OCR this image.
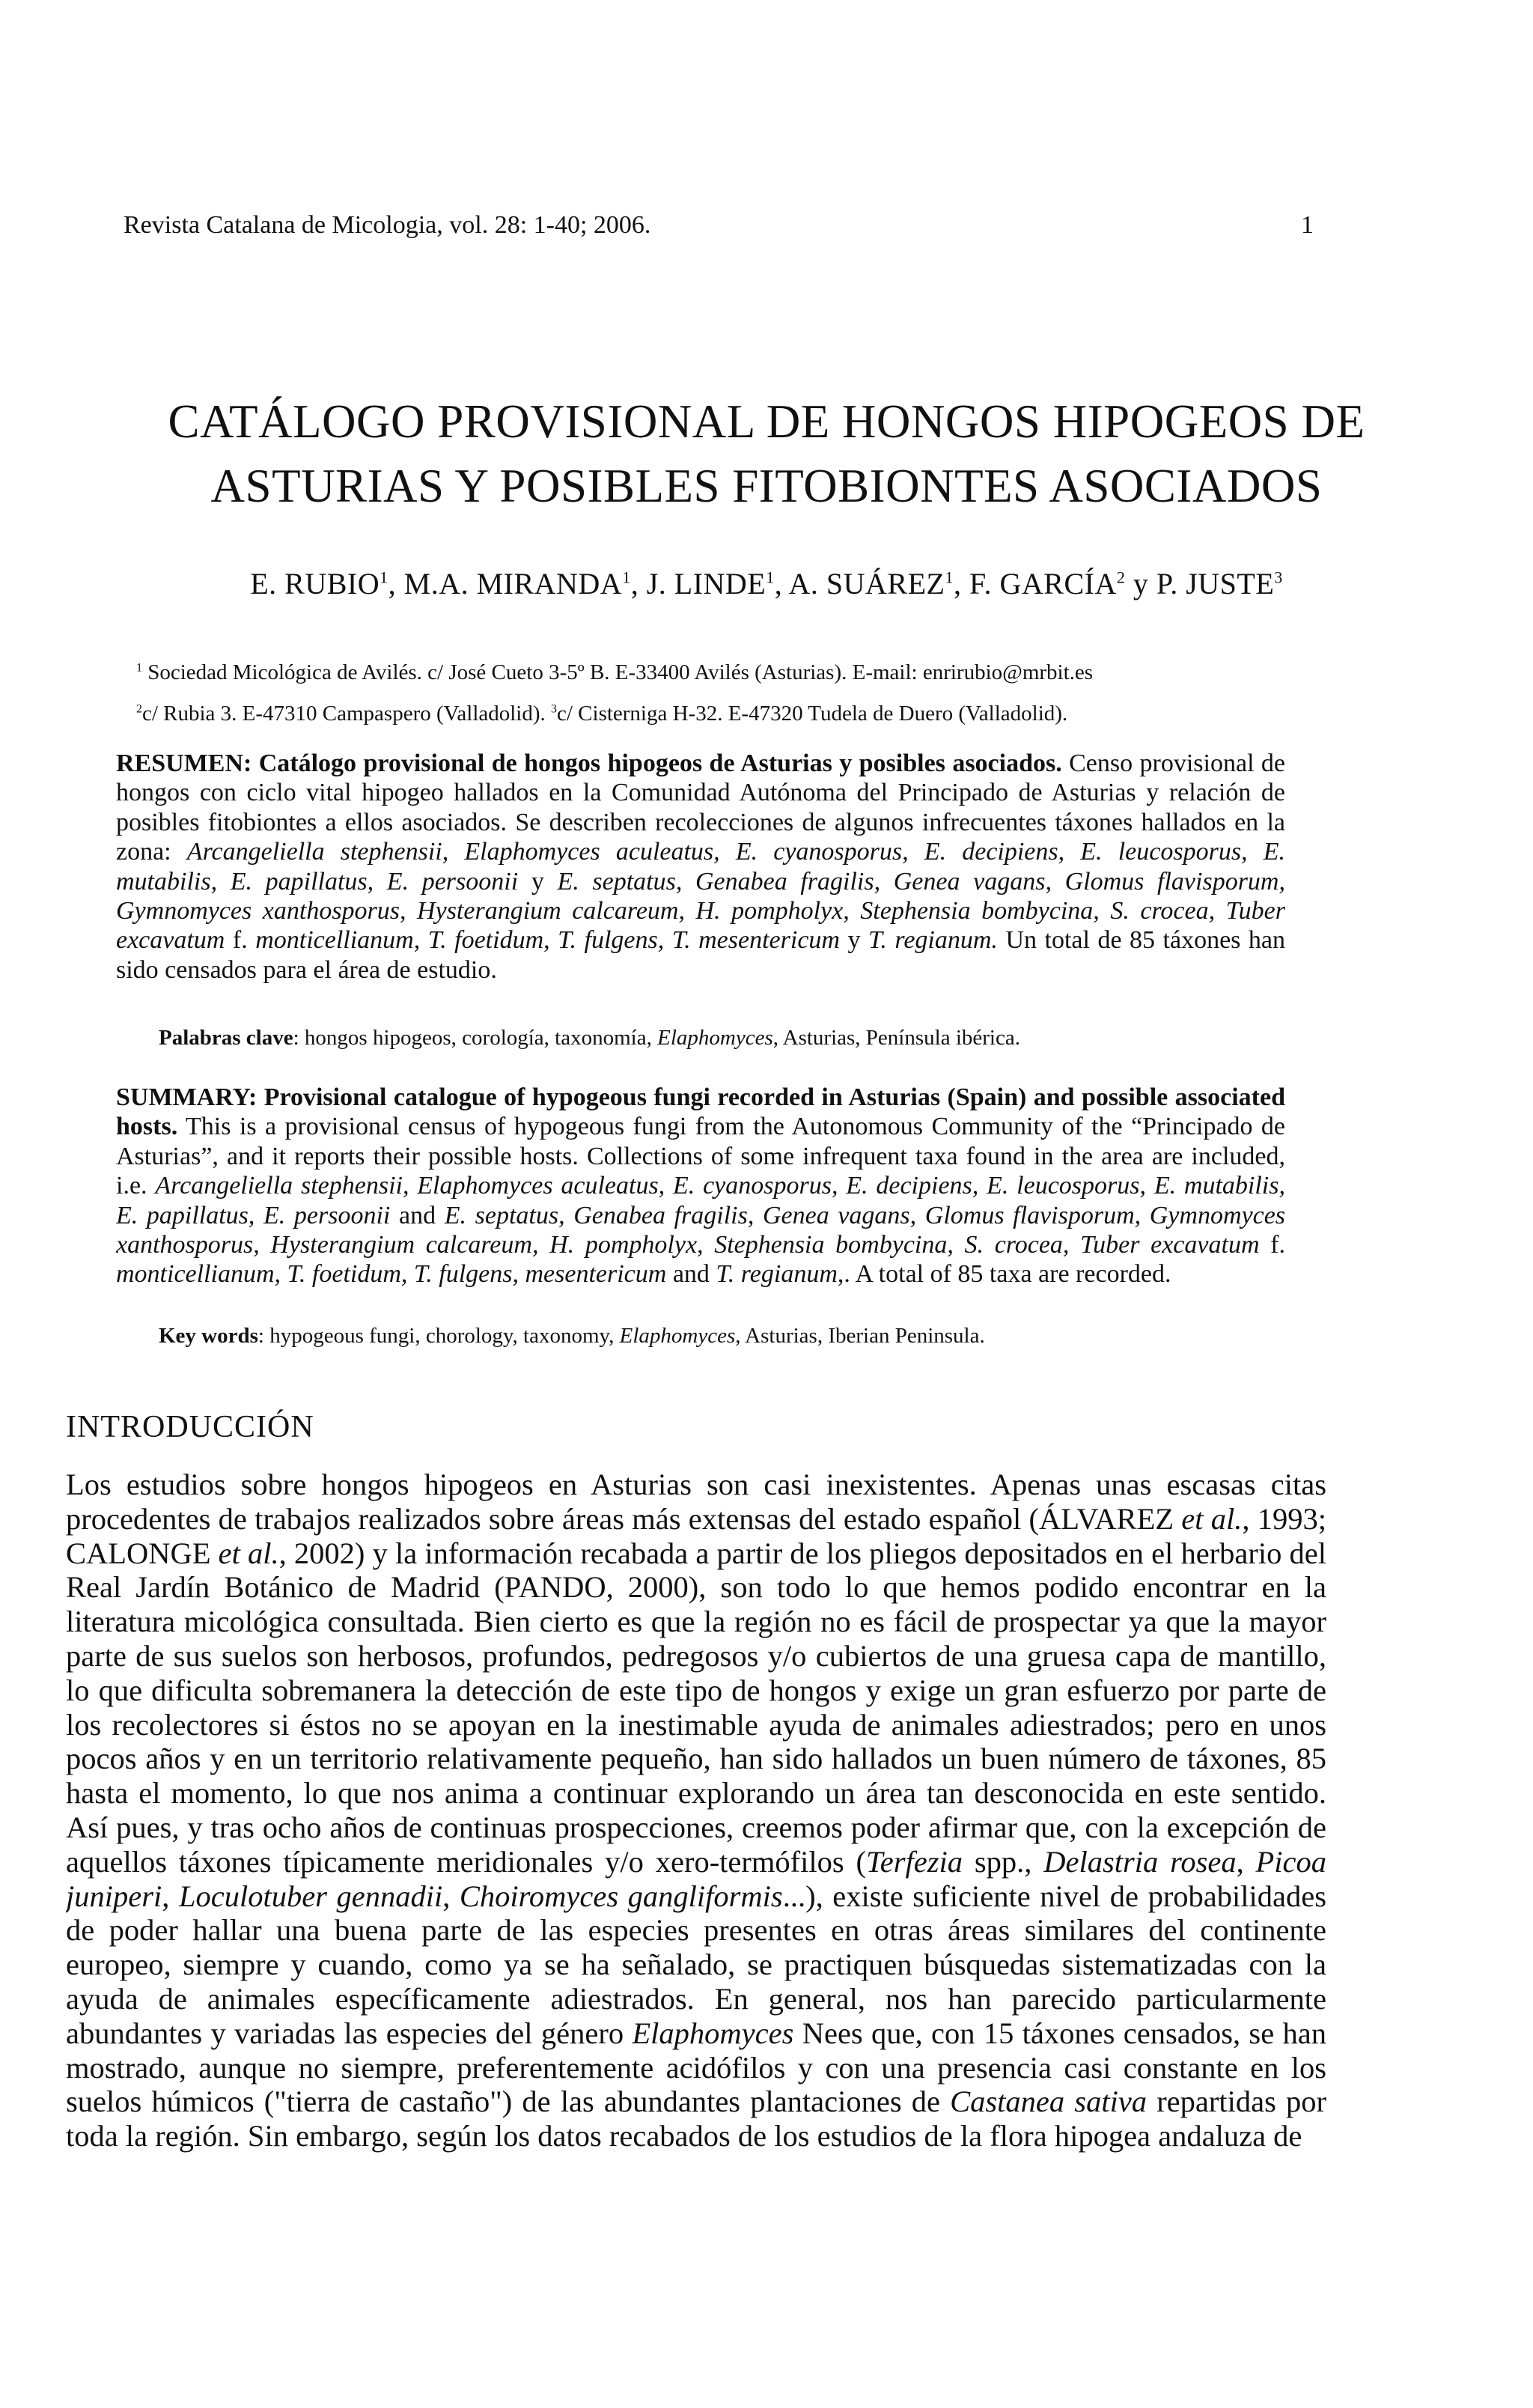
Revista Catalana de Micologia, vol. 28: 1-40; 2006.	1
CATÁLOGO PROVISIONAL DE HONGOS HIPOGEOS DE
ASTURIAS Y POSIBLES FITOBIONTES ASOCIADOS
E. RUBIO$^1$, M.A. MIRANDA$^1$, J. LINDE$^1$, A. SUÁREZ$^1$, F. GARCÍA$^2$ y P. JUSTE$^3$
$^1$ Sociedad Micológica de Avilés. c/ José Cueto 3-5º B. E-33400 Avilés (Asturias). E-mail: enrirubio@mrbit.es
$^2$c/ Rubia 3. E-47310 Campaspero (Valladolid). $^3$c/ Cisterniga H-32. E-47320 Tudela de Duero (Valladolid).
RESUMEN: Catálogo provisional de hongos hipogeos de Asturias y posibles asociados. Censo provisional de hongos con ciclo vital hipogeo hallados en la Comunidad Autónoma del Principado de Asturias y relación de posibles fitobiontes a ellos asociados. Se describen recolecciones de algunos infrecuentes táxones hallados en la zona: Arcangeliella stephensii, Elaphomyces aculeatus, E. cyanosporus, E. decipiens, E. leucosporus, E. mutabilis, E. papillatus, E. persoonii y E. septatus, Genabea fragilis, Genea vagans, Glomus flavisporum, Gymnomyces xanthosporus, Hysterangium calcareum, H. pompholyx, Stephensia bombycina, S. crocea, Tuber excavatum f. monticellianum, T. foetidum, T. fulgens, T. mesentericum y T. regianum. Un total de 85 táxones han sido censados para el área de estudio.
Palabras clave: hongos hipogeos, corología, taxonomía, Elaphomyces, Asturias, Península ibérica.
SUMMARY: Provisional catalogue of hypogeous fungi recorded in Asturias (Spain) and possible associated hosts. This is a provisional census of hypogeous fungi from the Autonomous Community of the “Principado de Asturias”, and it reports their possible hosts. Collections of some infrequent taxa found in the area are included, i.e. Arcangeliella stephensii, Elaphomyces aculeatus, E. cyanosporus, E. decipiens, E. leucosporus, E. mutabilis, E. papillatus, E. persoonii and E. septatus, Genabea fragilis, Genea vagans, Glomus flavisporum, Gymnomyces xanthosporus, Hysterangium calcareum, H. pompholyx, Stephensia bombycina, S. crocea, Tuber excavatum f. monticellianum, T. foetidum, T. fulgens, mesentericum and T. regianum,. A total of 85 taxa are recorded.
Key words: hypogeous fungi, chorology, taxonomy, Elaphomyces, Asturias, Iberian Peninsula.
INTRODUCCIÓN
Los estudios sobre hongos hipogeos en Asturias son casi inexistentes. Apenas unas escasas citas procedentes de trabajos realizados sobre áreas más extensas del estado español (ÁLVAREZ et al., 1993; CALONGE et al., 2002) y la información recabada a partir de los pliegos depositados en el herbario del Real Jardín Botánico de Madrid (PANDO, 2000), son todo lo que hemos podido encontrar en la literatura micológica consultada. Bien cierto es que la región no es fácil de prospectar ya que la mayor parte de sus suelos son herbosos, profundos, pedregosos y/o cubiertos de una gruesa capa de mantillo, lo que dificulta sobremanera la detección de este tipo de hongos y exige un gran esfuerzo por parte de los recolectores si éstos no se apoyan en la inestimable ayuda de animales adiestrados; pero en unos pocos años y en un territorio relativamente pequeño, han sido hallados un buen número de táxones, 85 hasta el momento, lo que nos anima a continuar explorando un área tan desconocida en este sentido. Así pues, y tras ocho años de continuas prospecciones, creemos poder afirmar que, con la excepción de aquellos táxones típicamente meridionales y/o xero-termófilos (Terfezia spp., Delastria rosea, Picoa juniperi, Loculotuber gennadii, Choiromyces gangliformis...), existe suficiente nivel de probabilidades de poder hallar una buena parte de las especies presentes en otras áreas similares del continente europeo, siempre y cuando, como ya se ha señalado, se practiquen búsquedas sistematizadas con la ayuda de animales específicamente adiestrados. En general, nos han parecido particularmente abundantes y variadas las especies del género Elaphomyces Nees que, con 15 táxones censados, se han mostrado, aunque no siempre, preferentemente acidófilos y con una presencia casi constante en los suelos húmicos ("tierra de castaño") de las abundantes plantaciones de Castanea sativa repartidas por toda la región. Sin embargo, según los datos recabados de los estudios de la flora hipogea andaluza de
